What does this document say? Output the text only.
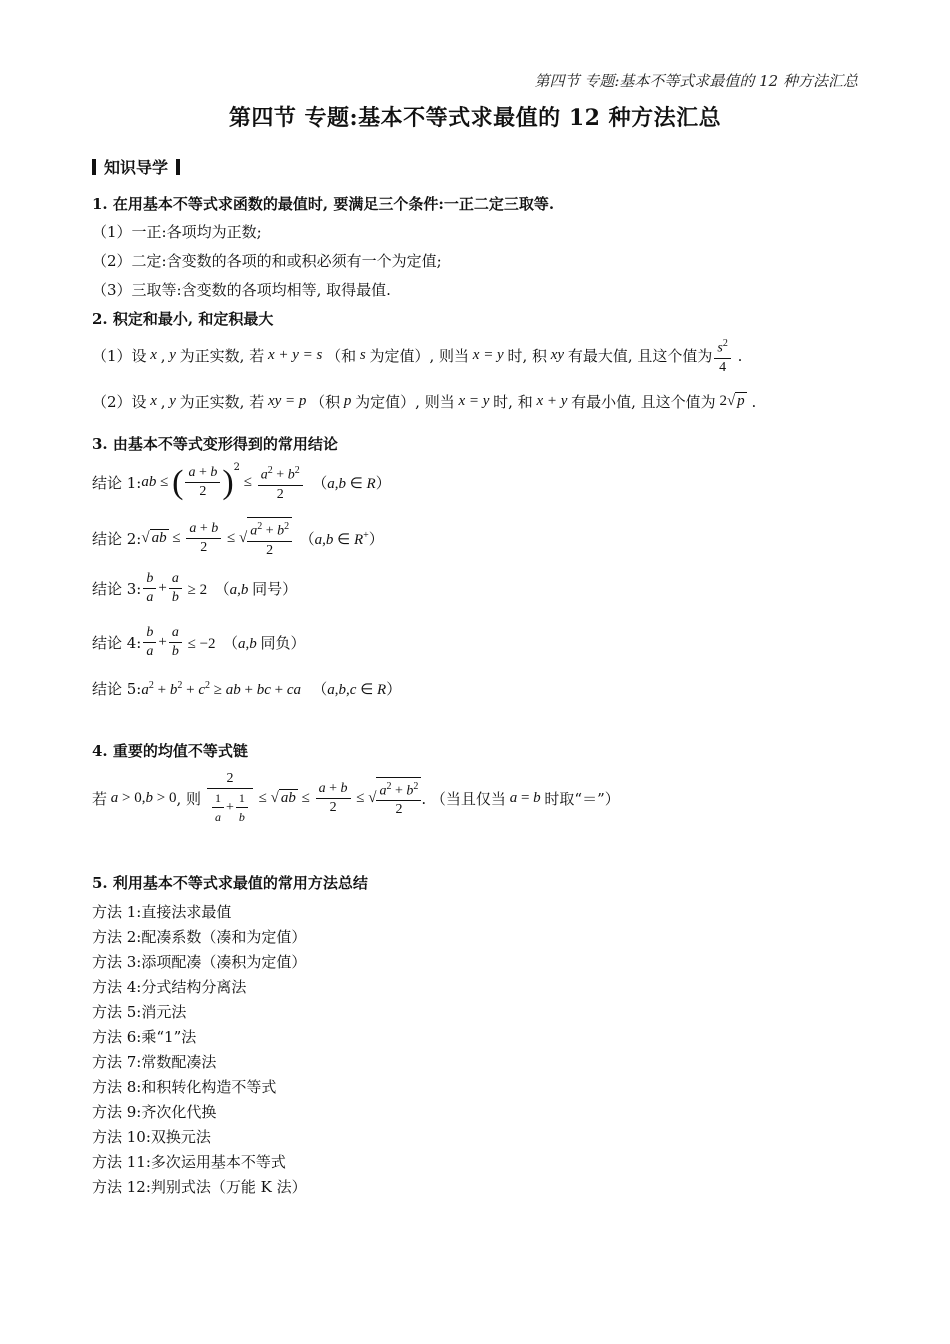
第四节 专题:基本不等式求最值的 12 种方法汇总
第四节 专题:基本不等式求最值的 12 种方法汇总
知识导学
1. 在用基本不等式求函数的最值时, 要满足三个条件:一正二定三取等.
（1）一正:各项均为正数;
（2）二定:含变数的各项的和或积必须有一个为定值;
（3）三取等:含变数的各项均相等, 取得最值.
2. 积定和最小, 和定积最大
（1）设 x , y 为正实数, 若 x + y = s （和 s 为定值）, 则当 x = y 时, 积 xy 有最大值, 且这个值为 $\frac{s^2}{4}$ .
（2）设 x , y 为正实数, 若 xy = p （积 p 为定值）, 则当 x = y 时, 和 x + y 有最小值, 且这个值为 2 √ p .
3. 由基本不等式变形得到的常用结论
结论 1: ab ≤ ( $\frac{a + b}{2} )^2$
≤ $\frac{a^2 + b^2}{2} (a,b$ ∈ R）
结论 2: √ ab ≤ $\frac{a + b}{2}$ ≤ √ $\frac{a^2 + b^2}{2} (a,b$ ∈ R+）
结论 3: $\frac{b}{a} + \frac{a}{b} \ge 2$  （a,b 同号）
结论 4: $\frac{b}{a} + \frac{a}{b} \le -2$  （a,b 同负）
结论 5: $a^2 + b^2 + c^2$ ≥ ab + bc + ca   （a,b,c ∈ R）
4. 重要的均值不等式链
若 a > 0,b > 0 , 则 $\frac{2}{\frac{1}{a} + \frac{1}{b}}$ ≤ √ ab ≤ $\frac{a + b}{2}$ ≤ √ $\frac{a^2 + b^2}{2}$ . （当且仅当 a = b 时取“＝”）
5. 利用基本不等式求最值的常用方法总结
方法 1:直接法求最值
方法 2:配凑系数（凑和为定值）
方法 3:添项配凑（凑积为定值）
方法 4:分式结构分离法
方法 5:消元法
方法 6:乘“1”法
方法 7:常数配凑法
方法 8:和积转化构造不等式
方法 9:齐次化代换
方法 10:双换元法
方法 11:多次运用基本不等式
方法 12:判别式法（万能 K 法）
